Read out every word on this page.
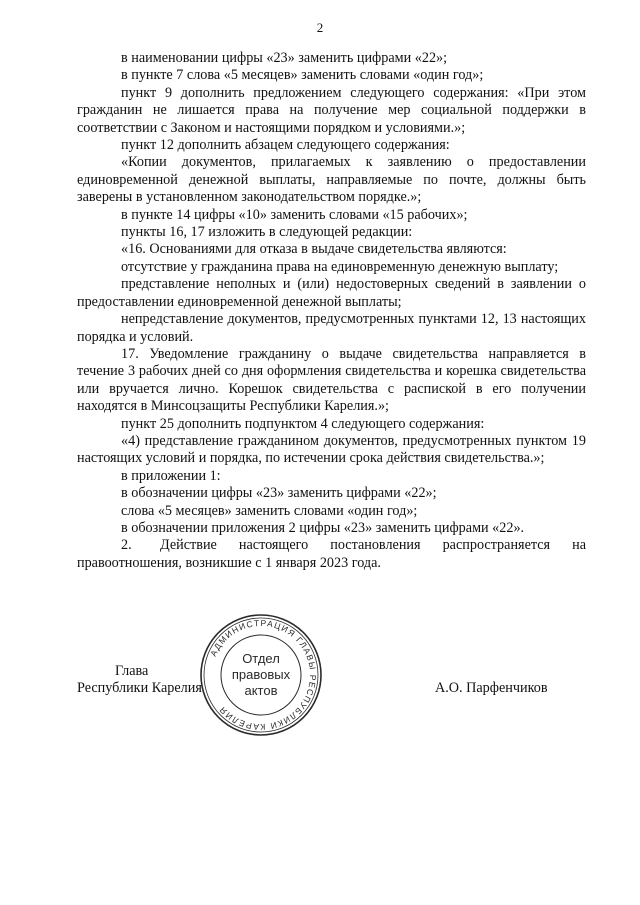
2

в наименовании цифры «23» заменить цифрами «22»;

в пункте 7 слова «5 месяцев» заменить словами «один год»;

пункт 9 дополнить предложением следующего содержания: «При этом гражданин не лишается права на получение мер социальной поддержки в соответствии с Законом и настоящими порядком и условиями.»;

пункт 12 дополнить абзацем следующего содержания:

«Копии документов, прилагаемых к заявлению о предоставлении единовременной денежной выплаты, направляемые по почте, должны быть заверены в установленном законодательством порядке.»;

в пункте 14 цифры «10» заменить словами «15 рабочих»;

пункты 16, 17 изложить в следующей редакции:

«16. Основаниями для отказа в выдаче свидетельства являются:

отсутствие у гражданина права на единовременную денежную выплату;

представление неполных и (или) недостоверных сведений в заявлении о предоставлении единовременной денежной выплаты;

непредставление документов, предусмотренных пунктами 12, 13 настоящих порядка и условий.

17. Уведомление гражданину о выдаче свидетельства направляется в течение 3 рабочих дней со дня оформления свидетельства и корешка свидетельства или вручается лично. Корешок свидетельства с распиской в его получении находятся в Минсоцзащиты Республики Карелия.»;

пункт 25 дополнить подпунктом 4 следующего содержания:

«4) представление гражданином документов, предусмотренных пунктом 19 настоящих условий и порядка, по истечении срока действия свидетельства.»;

в приложении 1:

в обозначении цифры «23» заменить цифрами «22»;

слова «5 месяцев» заменить словами «один год»;

в обозначении приложения 2 цифры «23» заменить цифрами «22».

2.  Действие настоящего постановления распространяется на правоотношения, возникшие с 1 января 2023 года.

Глава
Республики Карелия
АДМИНИСТРАЦИЯ ГЛАВЫ РЕСПУБЛИКИ КАРЕЛИЯ
Отдел
правовых
актов	А.О. Парфенчиков
